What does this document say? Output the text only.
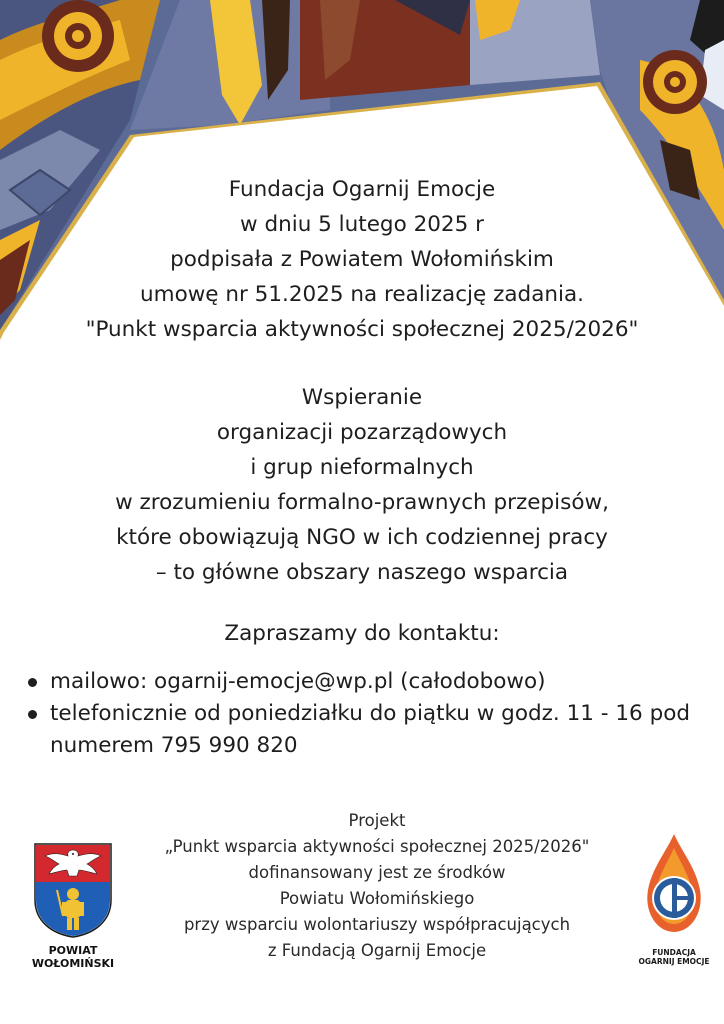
Fundacja Ogarnij Emocje
w dniu 5 lutego 2025 r
podpisała z Powiatem Wołomińskim
umowę nr 51.2025 na realizację zadania.
"Punkt wsparcia aktywności społecznej 2025/2026"
Wspieranie
organizacji pozarządowych
i grup nieformalnych
w zrozumieniu formalno-prawnych przepisów,
które obowiązują NGO w ich codziennej pracy
– to główne obszary naszego wsparcia
Zapraszamy do kontaktu:
mailowo: ogarnij-emocje@wp.pl (całodobowo)
telefonicznie od poniedziałku do piątku w godz. 11 - 16 pod numerem 795 990 820
Projekt
„Punkt wsparcia aktywności społecznej 2025/2026"
dofinansowany jest ze środków
Powiatu Wołomińskiego
przy wsparciu wolontariuszy współpracujących
z Fundacją Ogarnij Emocje
POWIAT
WOŁOMIŃSKI
FUNDACJA
OGARNIJ EMOCJE
